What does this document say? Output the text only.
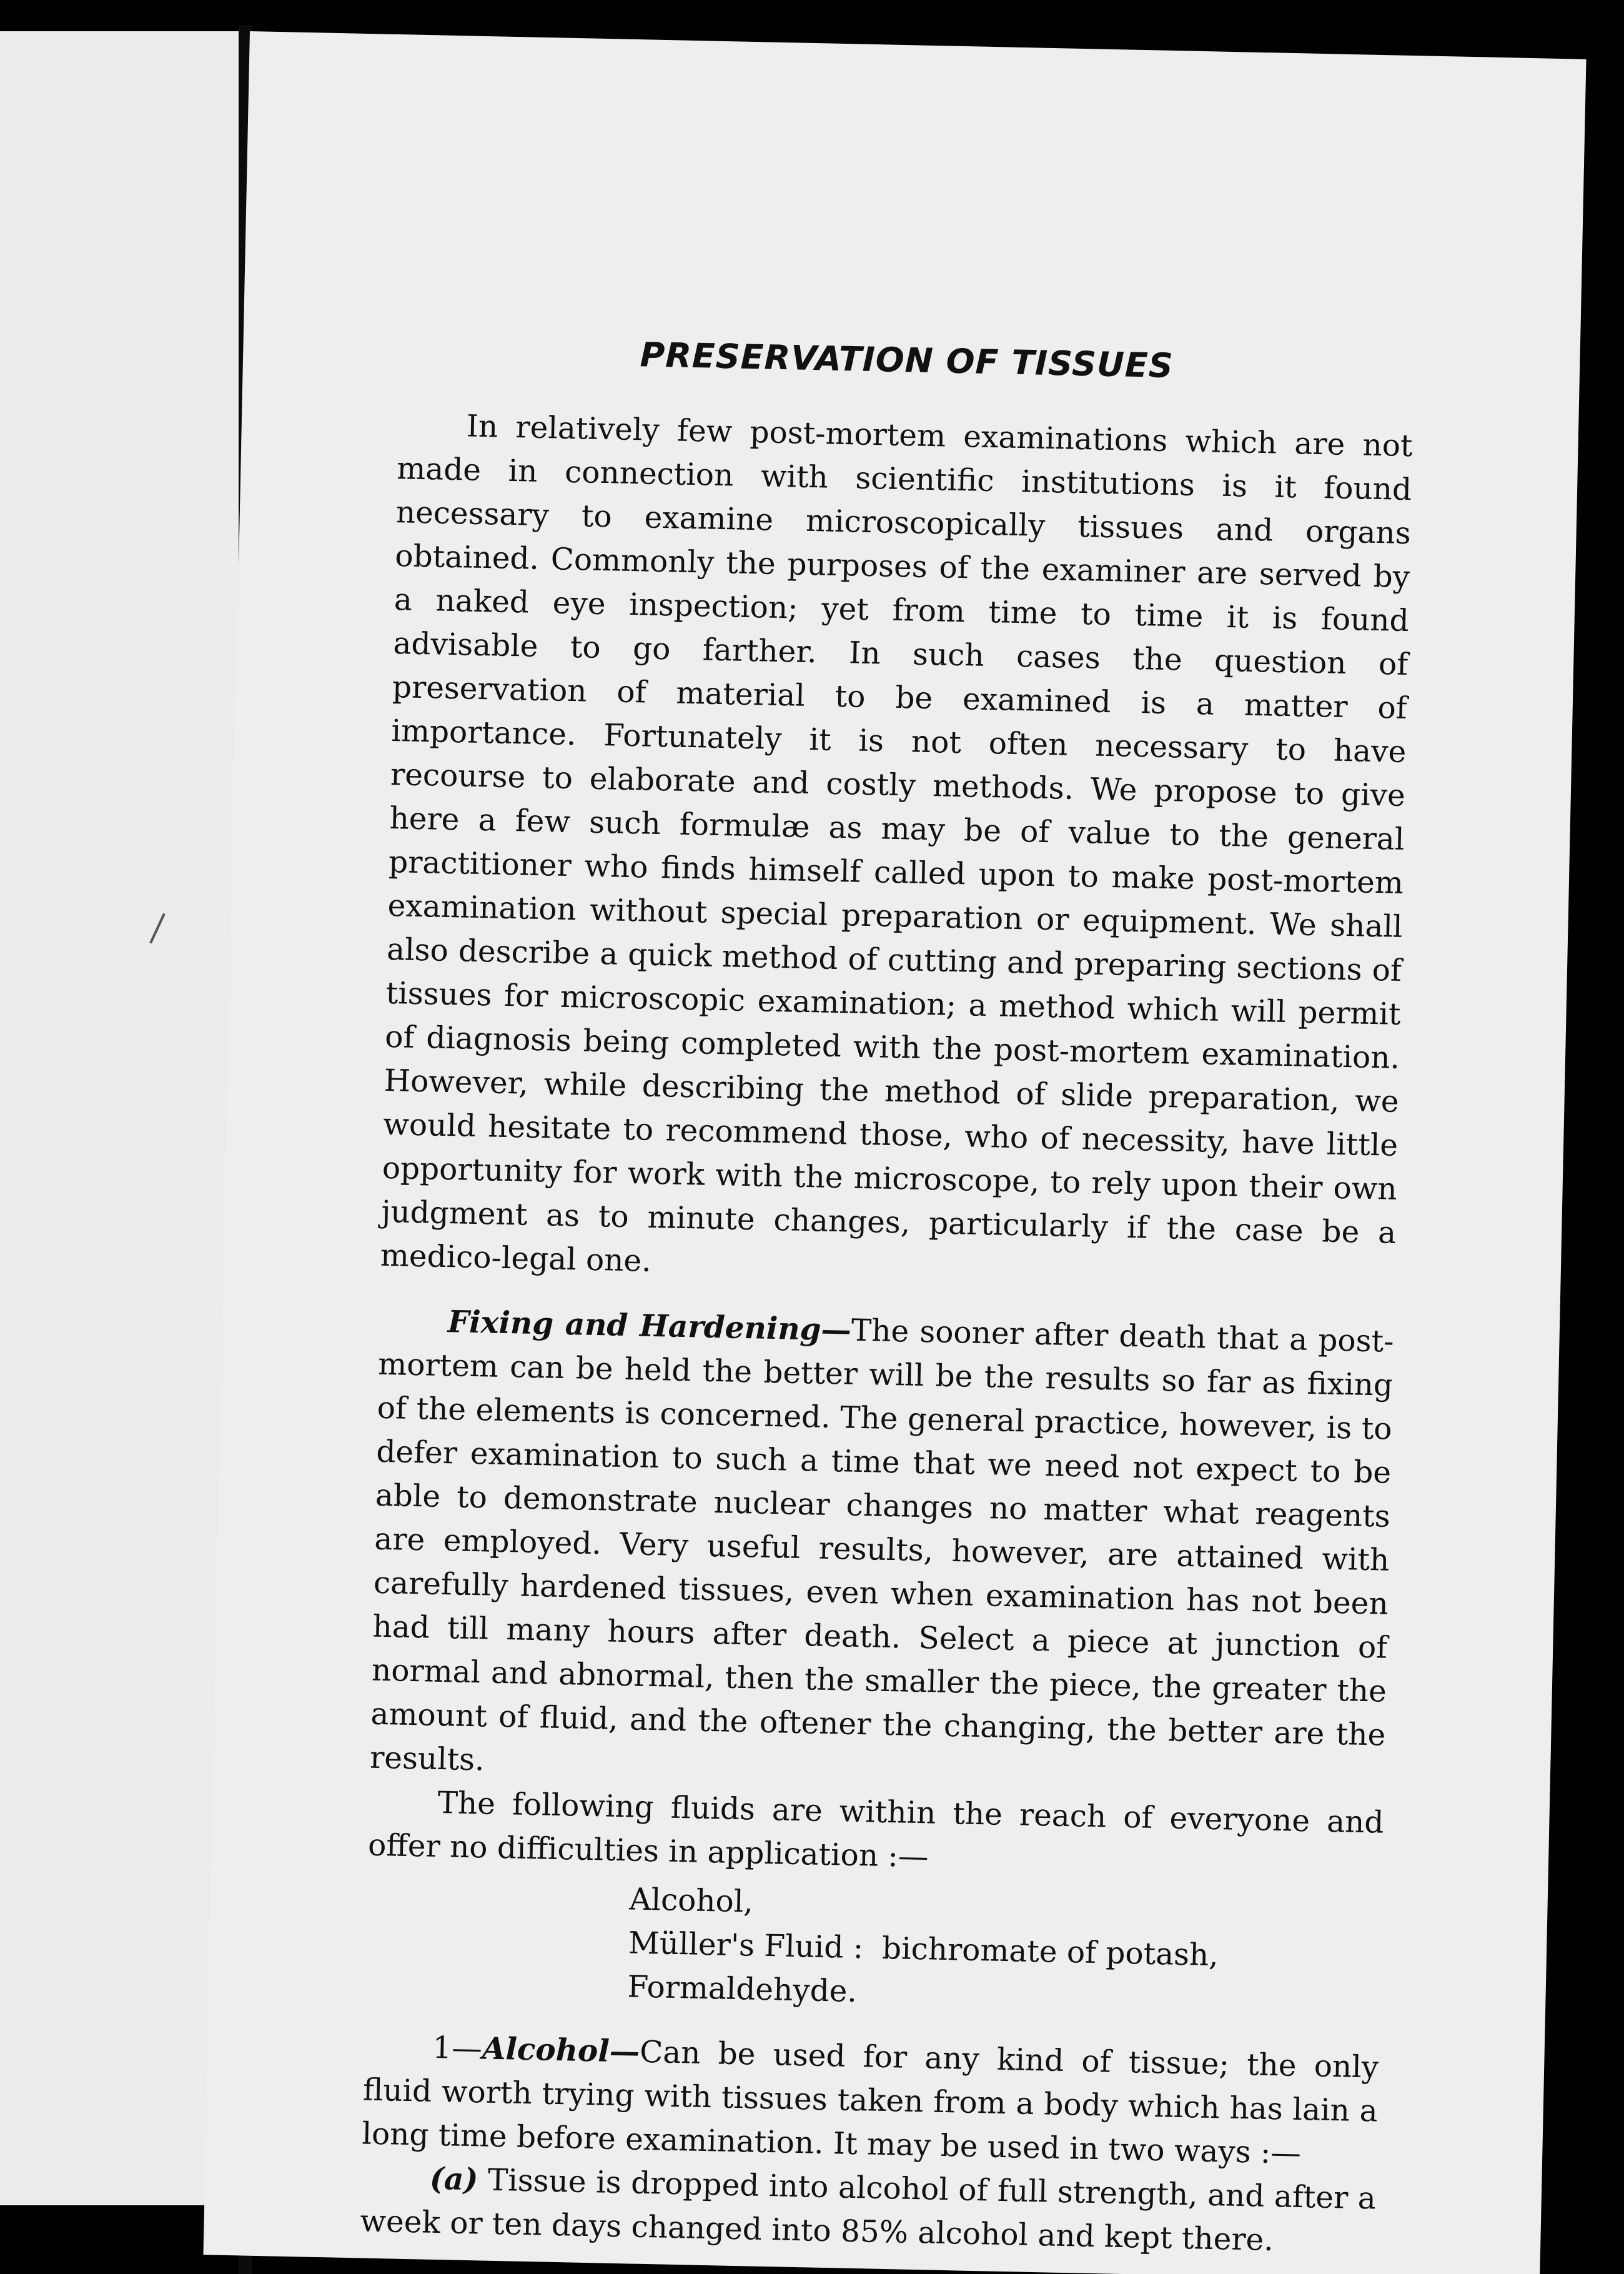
PRESERVATION OF TISSUES

In relatively few post-mortem examinations which are not made in connection with scientific institutions is it found necessary to examine microscopically tissues and organs obtained. Commonly the purposes of the examiner are served by a naked eye inspection; yet from time to time it is found advisable to go farther. In such cases the question of preservation of material to be examined is a matter of importance. Fortunately it is not often necessary to have recourse to elaborate and costly methods. We propose to give here a few such formulæ as may be of value to the general practitioner who finds himself called upon to make post-mortem examination without special preparation or equipment. We shall also describe a quick method of cutting and preparing sections of tissues for microscopic examination; a method which will permit of diagnosis being completed with the post-mortem examination. However, while describing the method of slide preparation, we would hesitate to recommend those, who of necessity, have little opportunity for work with the microscope, to rely upon their own judgment as to minute changes, particularly if the case be a medico-legal one.

Fixing and Hardening—The sooner after death that a post-mortem can be held the better will be the results so far as fixing of the elements is concerned. The general practice, however, is to defer examination to such a time that we need not expect to be able to demonstrate nuclear changes no matter what reagents are employed. Very useful results, however, are attained with carefully hardened tissues, even when examination has not been had till many hours after death. Select a piece at junction of normal and abnormal, then the smaller the piece, the greater the amount of fluid, and the oftener the changing, the better are the results.

The following fluids are within the reach of everyone and offer no difficulties in application :—

Alcohol,
Müller's Fluid : bichromate of potash,
Formaldehyde.

1—Alcohol—Can be used for any kind of tissue; the only fluid worth trying with tissues taken from a body which has lain a long time before examination. It may be used in two ways :—

(a) Tissue is dropped into alcohol of full strength, and after a week or ten days changed into 85% alcohol and kept there.
